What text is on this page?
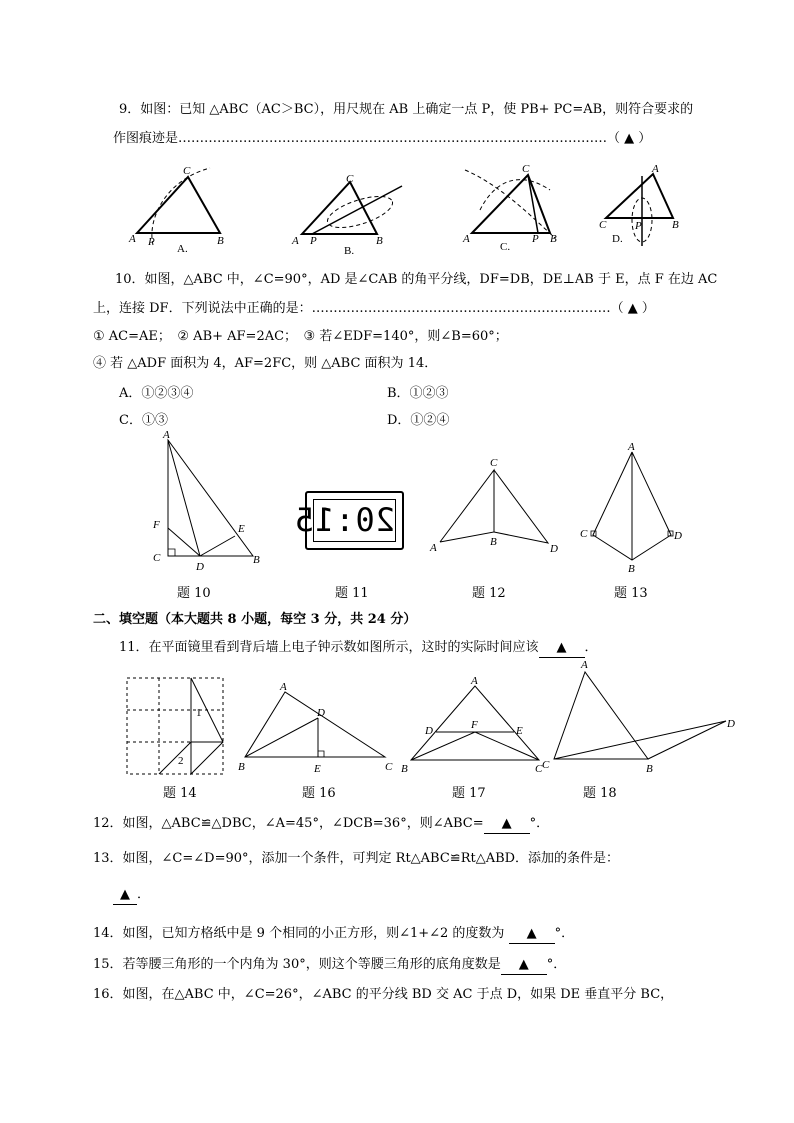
9．如图：已知 △ABC（AC＞BC），用尺规在 AB 上确定一点 P，使 PB+ PC=AB，则符合要求的
作图痕迹是………………………………………………………………………………………（ ▲ ）
C
A P	B
A.
C
A P	B
B.
C
A	P B
C.
A
C	P	B
D.
10．如图，△ABC 中，∠C=90°，AD 是∠CAB 的角平分线，DF=DB，DE⊥AB 于 E，点 F 在边 AC
上，连接 DF．下列说法中正确的是：……………………………………………………………（ ▲ ）
① AC=AE；　② AB+ AF=2AC；　③ 若∠EDF=140°，则∠B=60°；
④ 若 △ADF 面积为 4，AF=2FC，则 △ABC 面积为 14．
A．①②③④	B．①②③
C．①③	D．①②④
A
F
C
D
E
B
题 10
20:15
题 11
C
A	B
D
题 12
A
C	D
B
题 13
二、填空题（本大题共 8 小题，每空 3 分，共 24 分）
11．在平面镜里看到背后墙上电子钟示数如图所示，这时的实际时间应该 ▲ ．
1
2
题 14
A
D
B	E	C
题 16
A
D	F	E
B	C
题 17
A
D
C	B
题 18
12．如图，△ABC≌△DBC，∠A=45°，∠DCB=36°，则∠ABC= ▲ °．
13．如图，∠C=∠D=90°，添加一个条件，可判定 Rt△ABC≌Rt△ABD．添加的条件是：
▲ ．
14．如图，已知方格纸中是 9 个相同的小正方形，则∠1+∠2 的度数为 ▲ °．
15．若等腰三角形的一个内角为 30°，则这个等腰三角形的底角度数是 ▲ °．
16．如图，在△ABC 中，∠C=26°，∠ABC 的平分线 BD 交 AC 于点 D，如果 DE 垂直平分 BC，
